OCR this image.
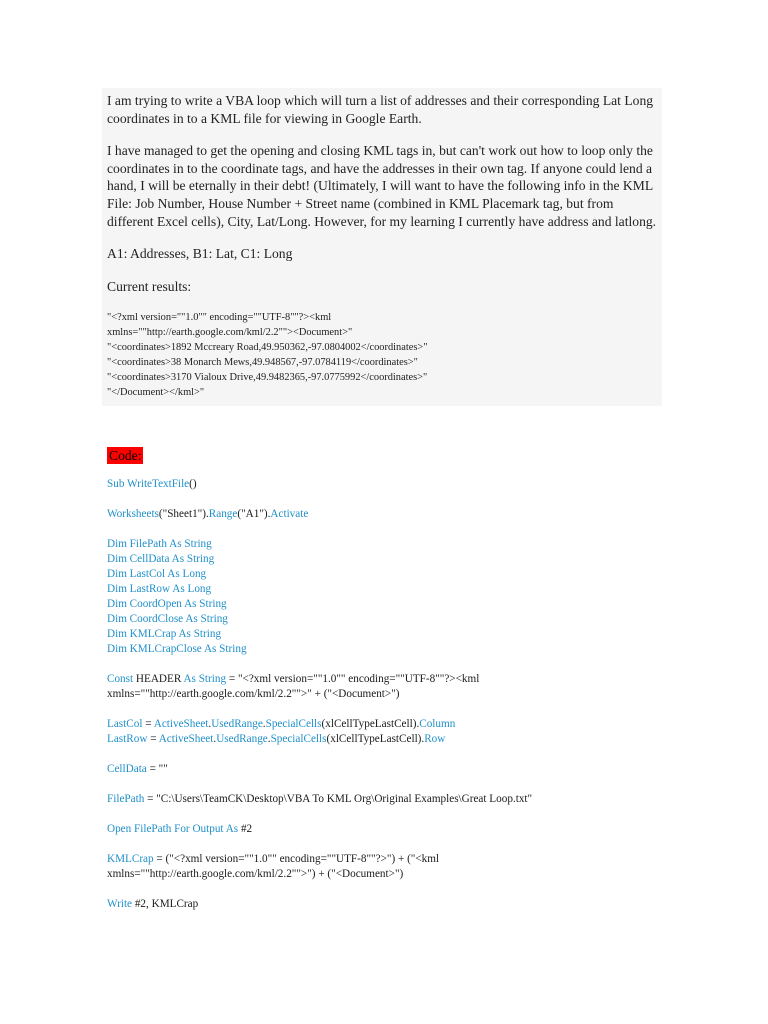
I am trying to write a VBA loop which will turn a list of addresses and their corresponding Lat Long coordinates in to a KML file for viewing in Google Earth.

I have managed to get the opening and closing KML tags in, but can't work out how to loop only the coordinates in to the coordinate tags, and have the addresses in their own tag. If anyone could lend a hand, I will be eternally in their debt! (Ultimately, I will want to have the following info in the KML File: Job Number, House Number + Street name (combined in KML Placemark tag, but from different Excel cells), City, Lat/Long. However, for my learning I currently have address and latlong.

A1: Addresses, B1: Lat, C1: Long

Current results:

"<?xml version=""1.0"" encoding=""UTF-8""?><kml
xmlns=""http://earth.google.com/kml/2.2""><Document>"
"<coordinates>1892 Mccreary Road,49.950362,-97.0804002</coordinates>"
"<coordinates>38 Monarch Mews,49.948567,-97.0784119</coordinates>"
"<coordinates>3170 Vialoux Drive,49.9482365,-97.0775992</coordinates>"
"</Document></kml>"
Code:
Sub WriteTextFile()
Worksheets("Sheet1").Range("A1").Activate
Dim FilePath As String
Dim CellData As String
Dim LastCol As Long
Dim LastRow As Long
Dim CoordOpen As String
Dim CoordClose As String
Dim KMLCrap As String
Dim KMLCrapClose As String
Const HEADER As String = "<?xml version=""1.0"" encoding=""UTF-8""?><kml
xmlns=""http://earth.google.com/kml/2.2"">" + ("<Document>")
LastCol = ActiveSheet.UsedRange.SpecialCells(xlCellTypeLastCell).Column
LastRow = ActiveSheet.UsedRange.SpecialCells(xlCellTypeLastCell).Row
CellData = ""
FilePath = "C:\Users\TeamCK\Desktop\VBA To KML Org\Original Examples\Great Loop.txt"
Open FilePath For Output As #2
KMLCrap = ("<?xml version=""1.0"" encoding=""UTF-8""?>") + ("<kml
xmlns=""http://earth.google.com/kml/2.2"">") + ("<Document>")
Write #2, KMLCrap
